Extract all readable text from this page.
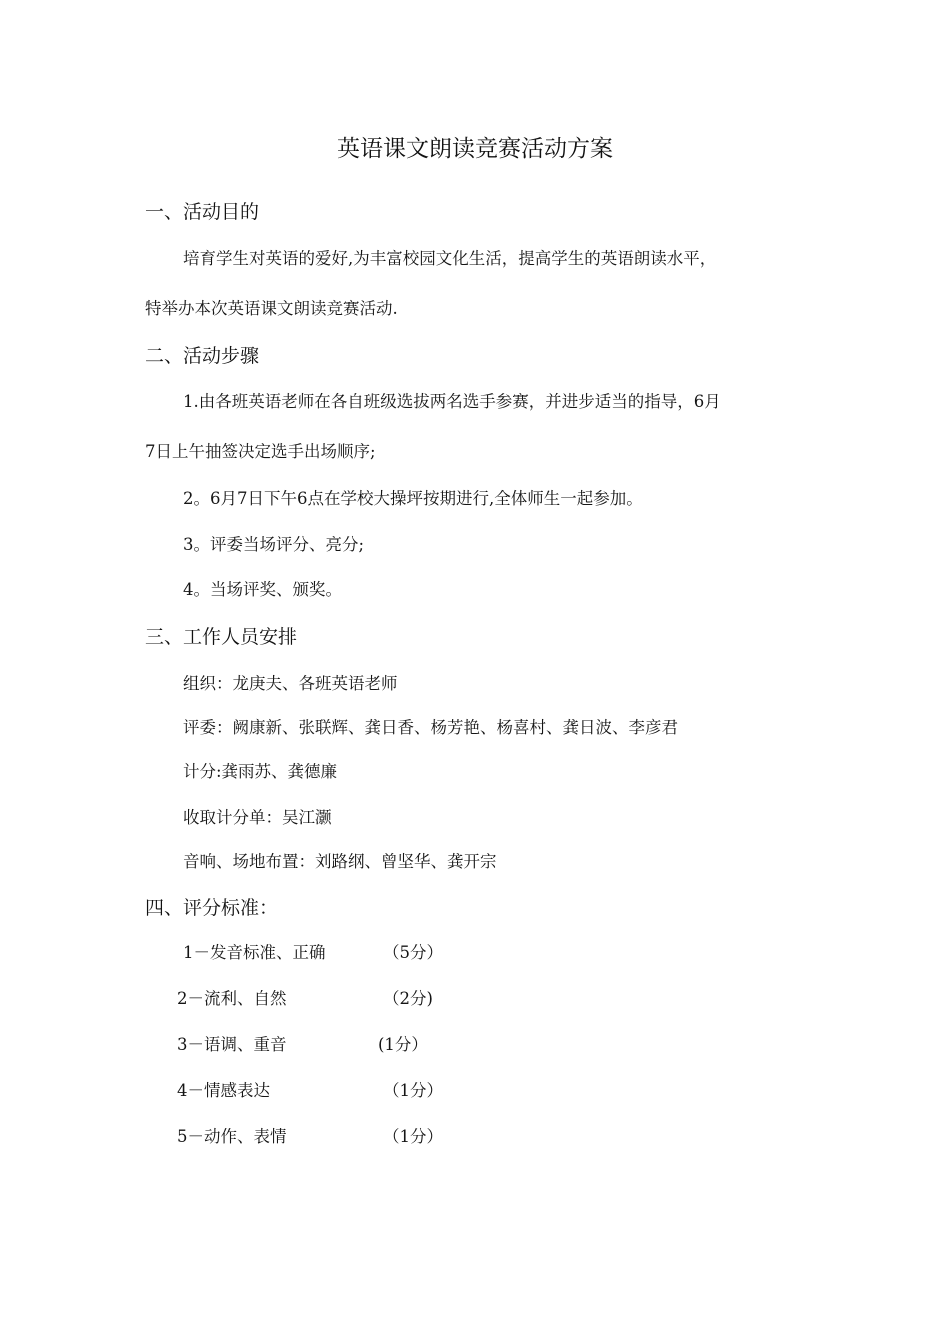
英语课文朗读竞赛活动方案
一、活动目的
培育学生对英语的爱好,为丰富校园文化生活，提高学生的英语朗读水平，
特举办本次英语课文朗读竞赛活动.
二、活动步骤
1.由各班英语老师在各自班级选拔两名选手参赛，并进步适当的指导，6月
7日上午抽签决定选手出场顺序;
2。6月7日下午6点在学校大操坪按期进行,全体师生一起参加。
3。评委当场评分、亮分;
4。当场评奖、颁奖。
三、工作人员安排
组织：龙庚夫、各班英语老师
评委：阙康新、张联辉、龚日香、杨芳艳、杨喜村、龚日波、李彦君
计分:龚雨苏、龚德廉
收取计分单：吴江灏
音响、场地布置：刘路纲、曾坚华、龚开宗
四、评分标准：
1－发音标准、正确	（5分）
2－流利、自然	（2分)
3－语调、重音	(1分）
4－情感表达	（1分）
5－动作、表情	（1分）
